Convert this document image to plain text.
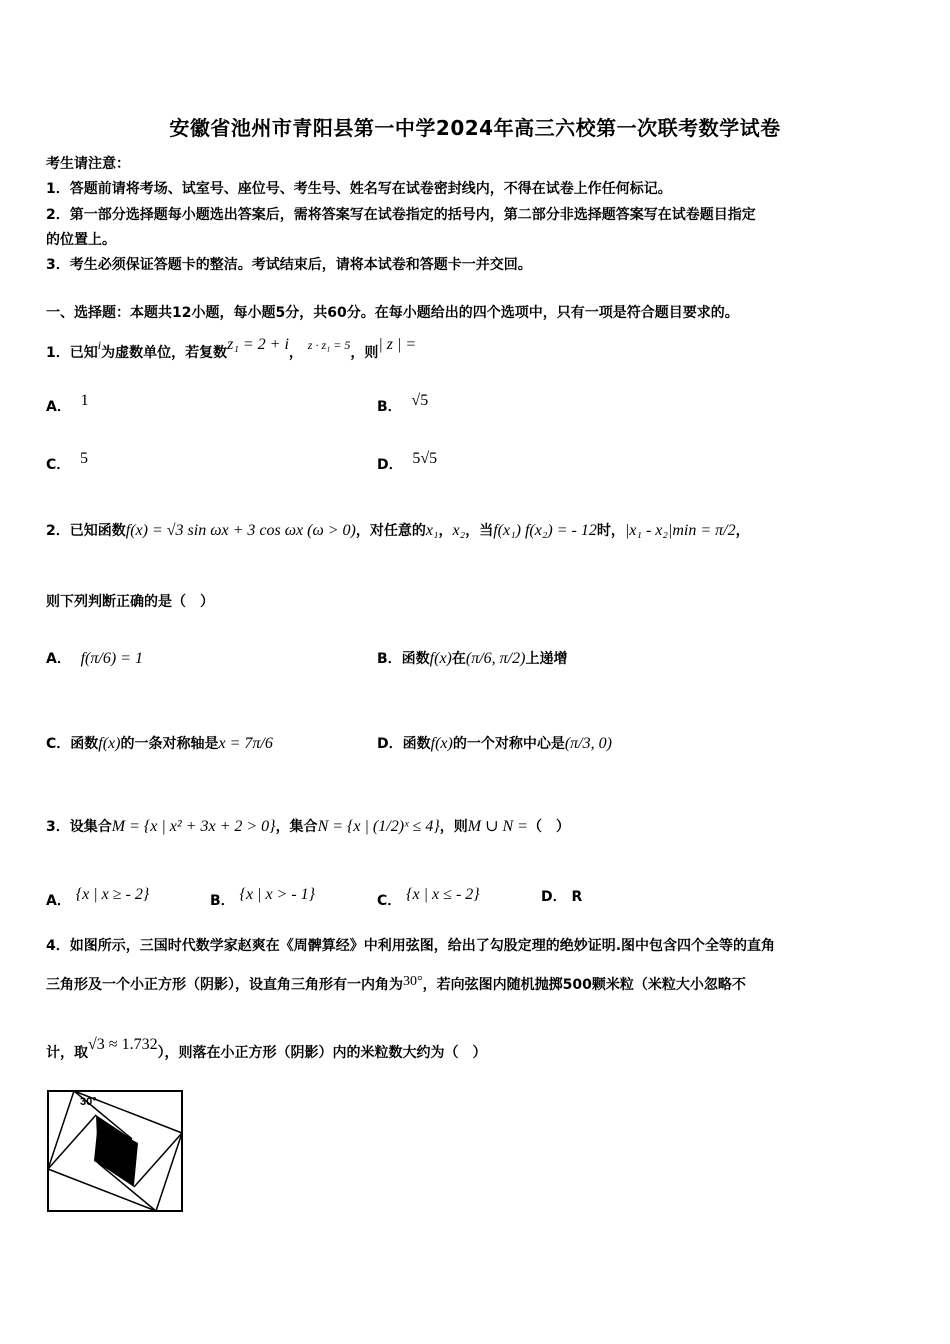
安徽省池州市青阳县第一中学2024年高三六校第一次联考数学试卷
考生请注意：
1．答题前请将考场、试室号、座位号、考生号、姓名写在试卷密封线内，不得在试卷上作任何标记。
2．第一部分选择题每小题选出答案后，需将答案写在试卷指定的括号内，第二部分非选择题答案写在试卷题目指定
的位置上。
3．考生必须保证答题卡的整洁。考试结束后，请将本试卷和答题卡一并交回。
一、选择题：本题共12小题，每小题5分，共60分。在每小题给出的四个选项中，只有一项是符合题目要求的。
1．已知i为虚数单位，若复数z₁ = 2 + i， z · z₁ = 5，则| z | =
A． 1	B． √5
C． 5	D． 5√5
2．已知函数f(x) = √3 sin ωx + 3 cos ωx (ω > 0)，对任意的x₁，x₂，当f(x₁) f(x₂) = - 12时，|x₁ - x₂|min = π/2，
则下列判断正确的是（　）
A． f(π/6) = 1	B．函数f(x)在(π/6, π/2)上递增
C．函数f(x)的一条对称轴是x = 7π/6	D．函数f(x)的一个对称中心是(π/3, 0)
3．设集合M = {x | x² + 3x + 2 > 0}，集合N = {x | (1/2)ˣ ≤ 4}，则M ∪ N =（　）
A． {x | x ≥ - 2}	B． {x | x > - 1}	C． {x | x ≤ - 2}	D． R
4．如图所示，三国时代数学家赵爽在《周髀算经》中利用弦图，给出了勾股定理的绝妙证明.图中包含四个全等的直角
三角形及一个小正方形（阴影），设直角三角形有一内角为30°，若向弦图内随机抛掷500颗米粒（米粒大小忽略不
计，取√3 ≈ 1.732），则落在小正方形（阴影）内的米粒数大约为（　）
30°
